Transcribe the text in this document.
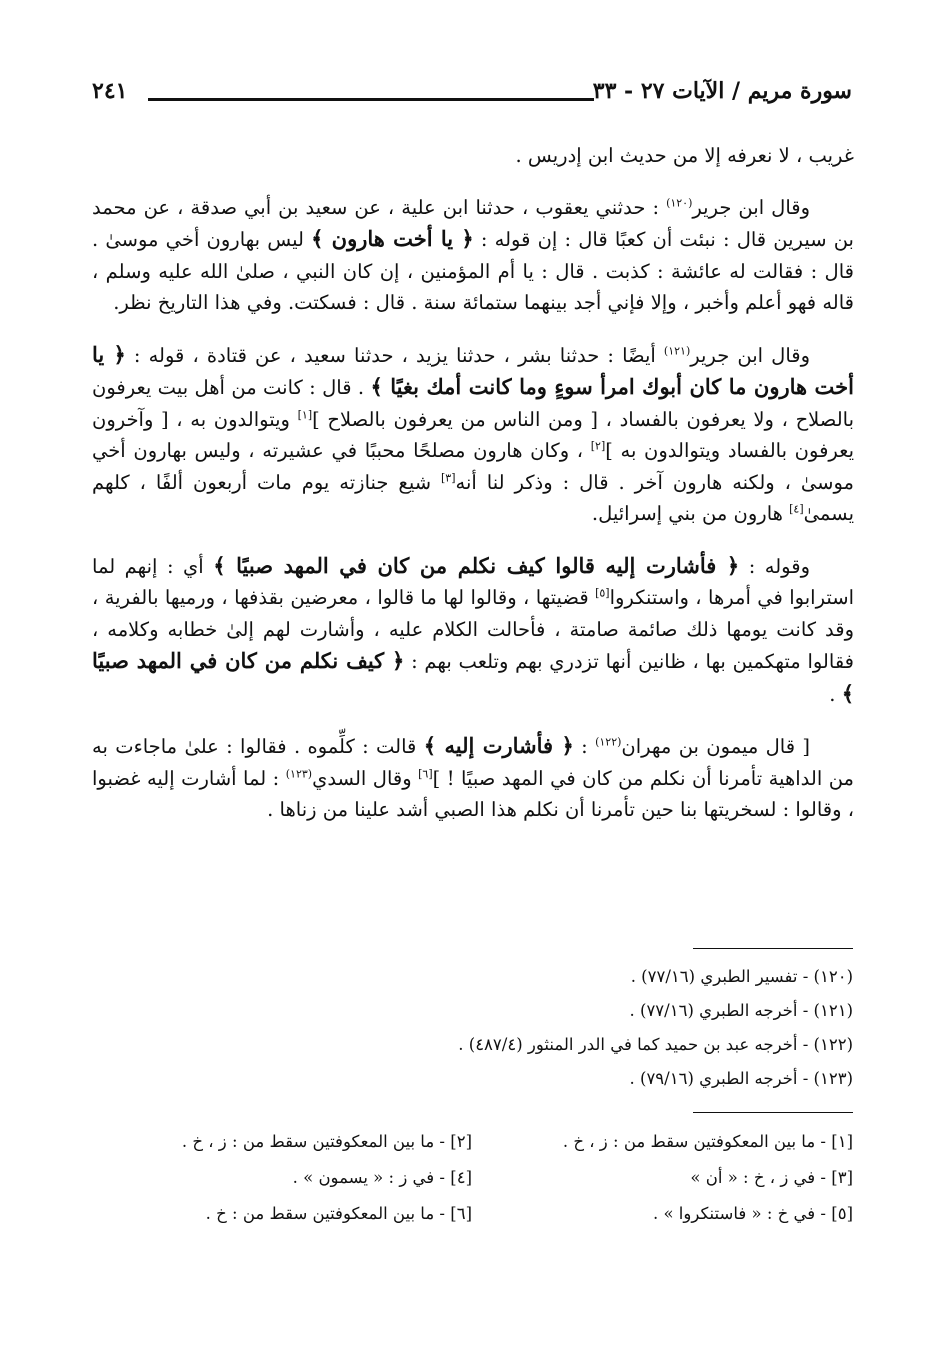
سورة مريم / الآيات ٢٧ - ٣٣
٢٤١

غريب ، لا نعرفه إلا من حديث ابن إدريس .

وقال ابن جرير$^{(١٢٠)}$ : حدثني يعقوب ، حدثنا ابن علية ، عن سعيد بن أبي صدقة ، عن محمد بن سيرين قال : نبئت أن كعبًا قال : إن قوله : ﴿ يا أخت هارون ﴾ ليس بهارون أخي موسىٰ . قال : فقالت له عائشة : كذبت . قال : يا أم المؤمنين ، إن كان النبي ، صلىٰ الله عليه وسلم ، قاله فهو أعلم وأخبر ، وإلا فإني أجد بينهما ستمائة سنة . قال : فسكتت. وفي هذا التاريخ نظر.

وقال ابن جرير$^{(١٢١)}$ أيضًا : حدثنا بشر ، حدثنا يزيد ، حدثنا سعيد ، عن قتادة ، قوله : ﴿ يا أخت هارون ما كان أبوك امرأ سوءٍ وما كانت أمك بغيًا ﴾ . قال : كانت من أهل بيت يعرفون بالصلاح ، ولا يعرفون بالفساد ، [ ومن الناس من يعرفون بالصلاح ][١] ويتوالدون به ، [ وآخرون يعرفون بالفساد ويتوالدون به ][٢] ، وكان هارون مصلحًا محببًا في عشيرته ، وليس بهارون أخي موسىٰ ، ولكنه هارون آخر . قال : وذكر لنا أنه[٣] شيع جنازته يوم مات أربعون ألفًا ، كلهم يسمىٰ[٤] هارون من بني إسرائيل.

وقوله : ﴿ فأشارت إليه قالوا كيف نكلم من كان في المهد صبيًا ﴾ أي : إنهم لما استرابوا في أمرها ، واستنكروا[٥] قضيتها ، وقالوا لها ما قالوا ، معرضين بقذفها ، ورميها بالفرية ، وقد كانت يومها ذلك صائمة صامتة ، فأحالت الكلام عليه ، وأشارت لهم إلىٰ خطابه وكلامه ، فقالوا متهكمين بها ، ظانين أنها تزدري بهم وتلعب بهم : ﴿ كيف نكلم من كان في المهد صبيًا ﴾ .

[ قال ميمون بن مهران$^{(١٢٢)}$ : ﴿ فأشارت إليه ﴾ قالت : كلِّموه . فقالوا : علىٰ ماجاءت به من الداهية تأمرنا أن نكلم من كان في المهد صبيًا ! ][٦] وقال السدي$^{(١٢٣)}$ : لما أشارت إليه غضبوا ، وقالوا : لسخريتها بنا حين تأمرنا أن نكلم هذا الصبي أشد علينا من زناها .

(١٢٠) - تفسير الطبري (٧٧/١٦) .
(١٢١) - أخرجه الطبري (٧٧/١٦) .
(١٢٢) - أخرجه عبد بن حميد كما في الدر المنثور (٤٨٧/٤) .
(١٢٣) - أخرجه الطبري (٧٩/١٦) .
[١] - ما بين المعكوفتين سقط من : ز ، خ .
[٢] - ما بين المعكوفتين سقط من : ز ، خ .
[٣] - في ز ، خ : « أن »
[٤] - في ز : « يسمون » .
[٥] - في خ : « فاستنكروا » .
[٦] - ما بين المعكوفتين سقط من : خ .
